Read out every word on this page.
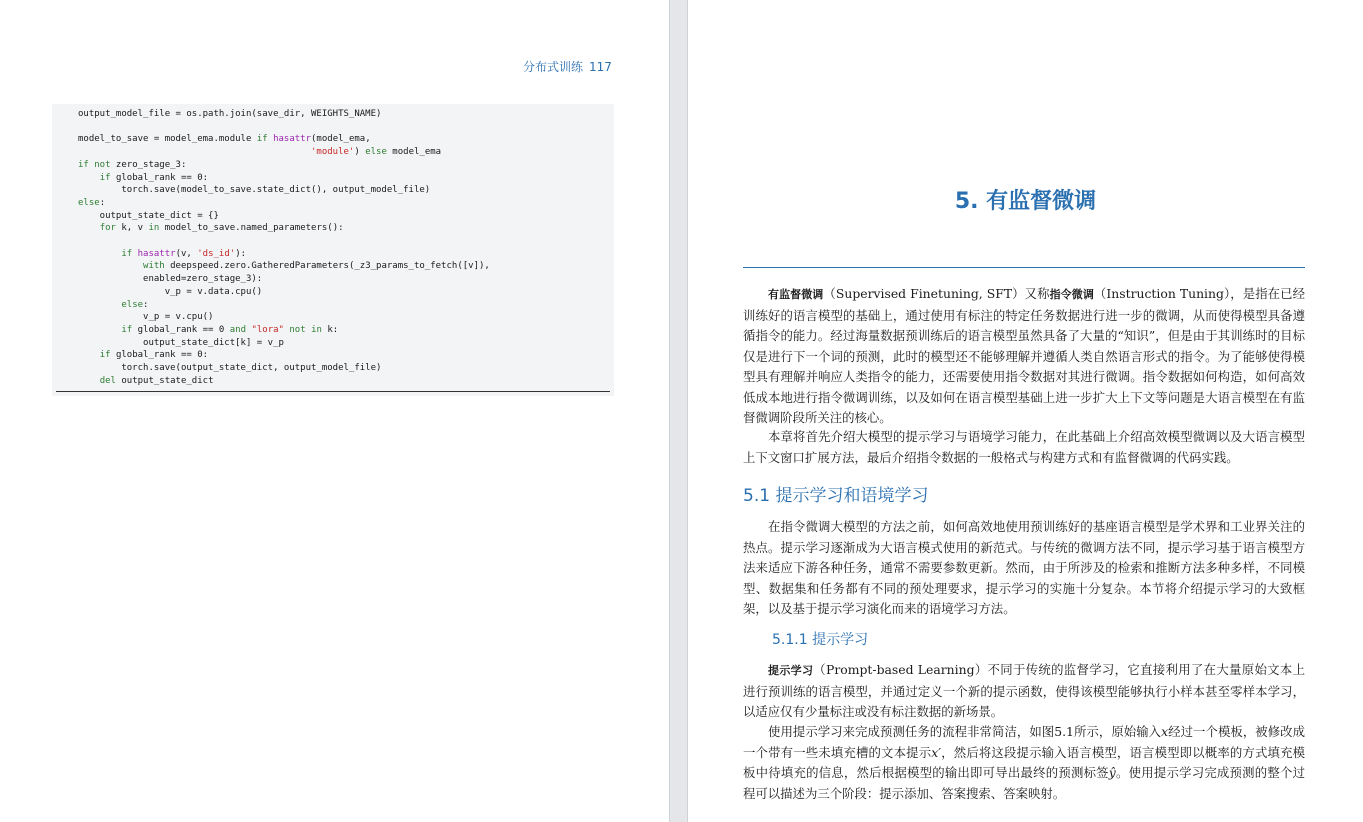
分布式训练 117
output_model_file = os.path.join(save_dir, WEIGHTS_NAME)

model_to_save = model_ema.module if hasattr(model_ema,
'module') else model_ema
if not zero_stage_3:
if global_rank == 0:
torch.save(model_to_save.state_dict(), output_model_file)
else:
output_state_dict = {}
for k, v in model_to_save.named_parameters():

if hasattr(v, 'ds_id'):
with deepspeed.zero.GatheredParameters(_z3_params_to_fetch([v]),
enabled=zero_stage_3):
v_p = v.data.cpu()
else:
v_p = v.cpu()
if global_rank == 0 and "lora" not in k:
output_state_dict[k] = v_p
if global_rank == 0:
torch.save(output_state_dict, output_model_file)
del output_state_dict
5. 有监督微调

有监督微调（Supervised Finetuning, SFT）又称指令微调（Instruction Tuning），是指在已经训练好的语言模型的基础上，通过使用有标注的特定任务数据进行进一步的微调，从而使得模型具备遵循指令的能力。经过海量数据预训练后的语言模型虽然具备了大量的“知识”，但是由于其训练时的目标仅是进行下一个词的预测，此时的模型还不能够理解并遵循人类自然语言形式的指令。为了能够使得模型具有理解并响应人类指令的能力，还需要使用指令数据对其进行微调。指令数据如何构造，如何高效低成本地进行指令微调训练，以及如何在语言模型基础上进一步扩大上下文等问题是大语言模型在有监督微调阶段所关注的核心。

本章将首先介绍大模型的提示学习与语境学习能力，在此基础上介绍高效模型微调以及大语言模型上下文窗口扩展方法，最后介绍指令数据的一般格式与构建方式和有监督微调的代码实践。

5.1 提示学习和语境学习

在指令微调大模型的方法之前，如何高效地使用预训练好的基座语言模型是学术界和工业界关注的热点。提示学习逐渐成为大语言模式使用的新范式。与传统的微调方法不同，提示学习基于语言模型方法来适应下游各种任务，通常不需要参数更新。然而，由于所涉及的检索和推断方法多种多样，不同模型、数据集和任务都有不同的预处理要求，提示学习的实施十分复杂。本节将介绍提示学习的大致框架，以及基于提示学习演化而来的语境学习方法。

5.1.1 提示学习

提示学习（Prompt-based Learning）不同于传统的监督学习，它直接利用了在大量原始文本上进行预训练的语言模型，并通过定义一个新的提示函数，使得该模型能够执行小样本甚至零样本学习，以适应仅有少量标注或没有标注数据的新场景。

使用提示学习来完成预测任务的流程非常简洁，如图5.1所示，原始输入x经过一个模板，被修改成一个带有一些未填充槽的文本提示x′，然后将这段提示输入语言模型，语言模型即以概率的方式填充模板中待填充的信息，然后根据模型的输出即可导出最终的预测标签ŷ。使用提示学习完成预测的整个过程可以描述为三个阶段：提示添加、答案搜索、答案映射。
